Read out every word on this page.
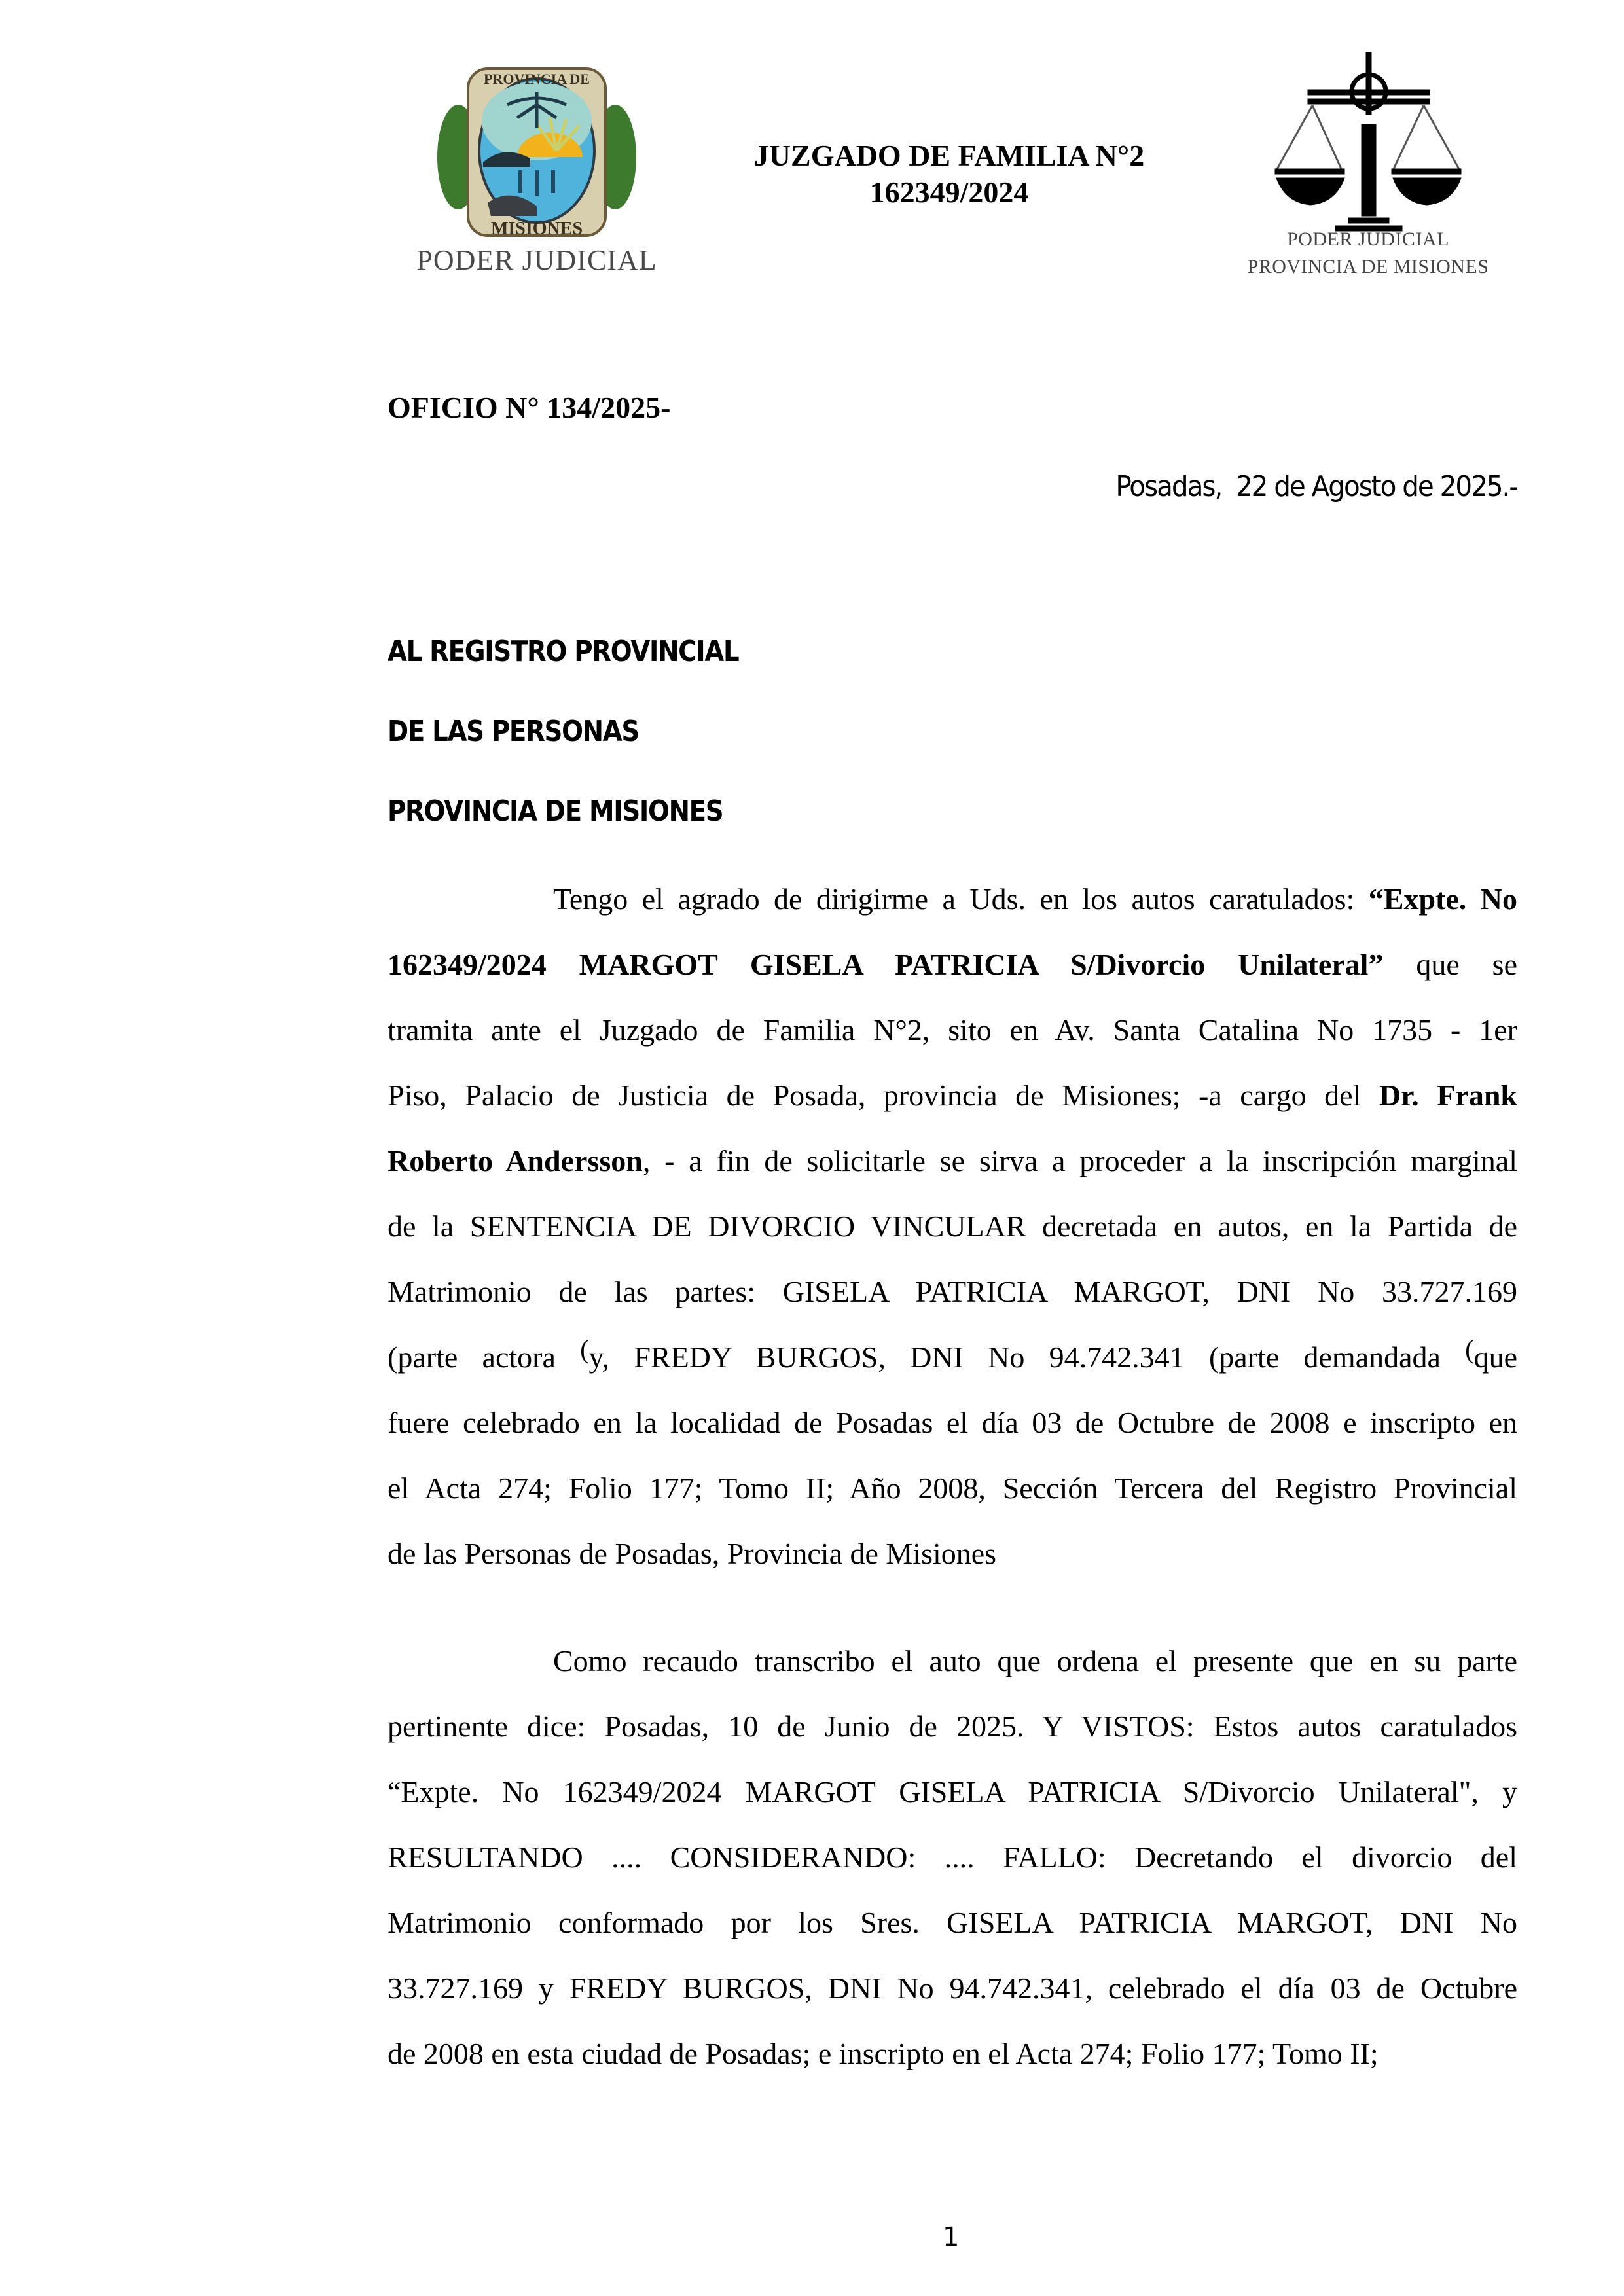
PROVINCIA DE
MISIONES
PODER JUDICIAL
JUZGADO DE FAMILIA N°2
162349/2024
PODER JUDICIAL
PROVINCIA DE MISIONES
OFICIO N° 134/2025-
Posadas,  22 de Agosto de 2025.-
AL REGISTRO PROVINCIAL
DE LAS PERSONAS
PROVINCIA DE MISIONES
Tengo el agrado de dirigirme a Uds. en los autos caratulados: “Expte. No
162349/2024 MARGOT GISELA PATRICIA S/Divorcio Unilateral” que se
tramita ante el Juzgado de Familia N°2, sito en Av. Santa Catalina No 1735 - 1er
Piso, Palacio de Justicia de Posada, provincia de Misiones; -a cargo del Dr. Frank
Roberto Andersson, - a fin de solicitarle se sirva a proceder a la inscripción marginal
de la SENTENCIA DE DIVORCIO VINCULAR decretada en autos, en la Partida de
Matrimonio de las partes: GISELA PATRICIA MARGOT, DNI No 33.727.169
(parte actora (y, FREDY BURGOS, DNI No 94.742.341 (parte demandada (que
fuere celebrado en la localidad de Posadas el día 03 de Octubre de 2008 e inscripto en
el Acta 274; Folio 177; Tomo II; Año 2008, Sección Tercera del Registro Provincial
de las Personas de Posadas, Provincia de Misiones
Como recaudo transcribo el auto que ordena el presente que en su parte
pertinente dice: Posadas, 10 de Junio de 2025. Y VISTOS: Estos autos caratulados
“Expte. No 162349/2024 MARGOT GISELA PATRICIA S/Divorcio Unilateral", y
RESULTANDO .... CONSIDERANDO: .... FALLO: Decretando el divorcio del
Matrimonio conformado por los Sres. GISELA PATRICIA MARGOT, DNI No
33.727.169 y FREDY BURGOS, DNI No 94.742.341, celebrado el día 03 de Octubre
de 2008 en esta ciudad de Posadas; e inscripto en el Acta 274; Folio 177; Tomo II;
1
